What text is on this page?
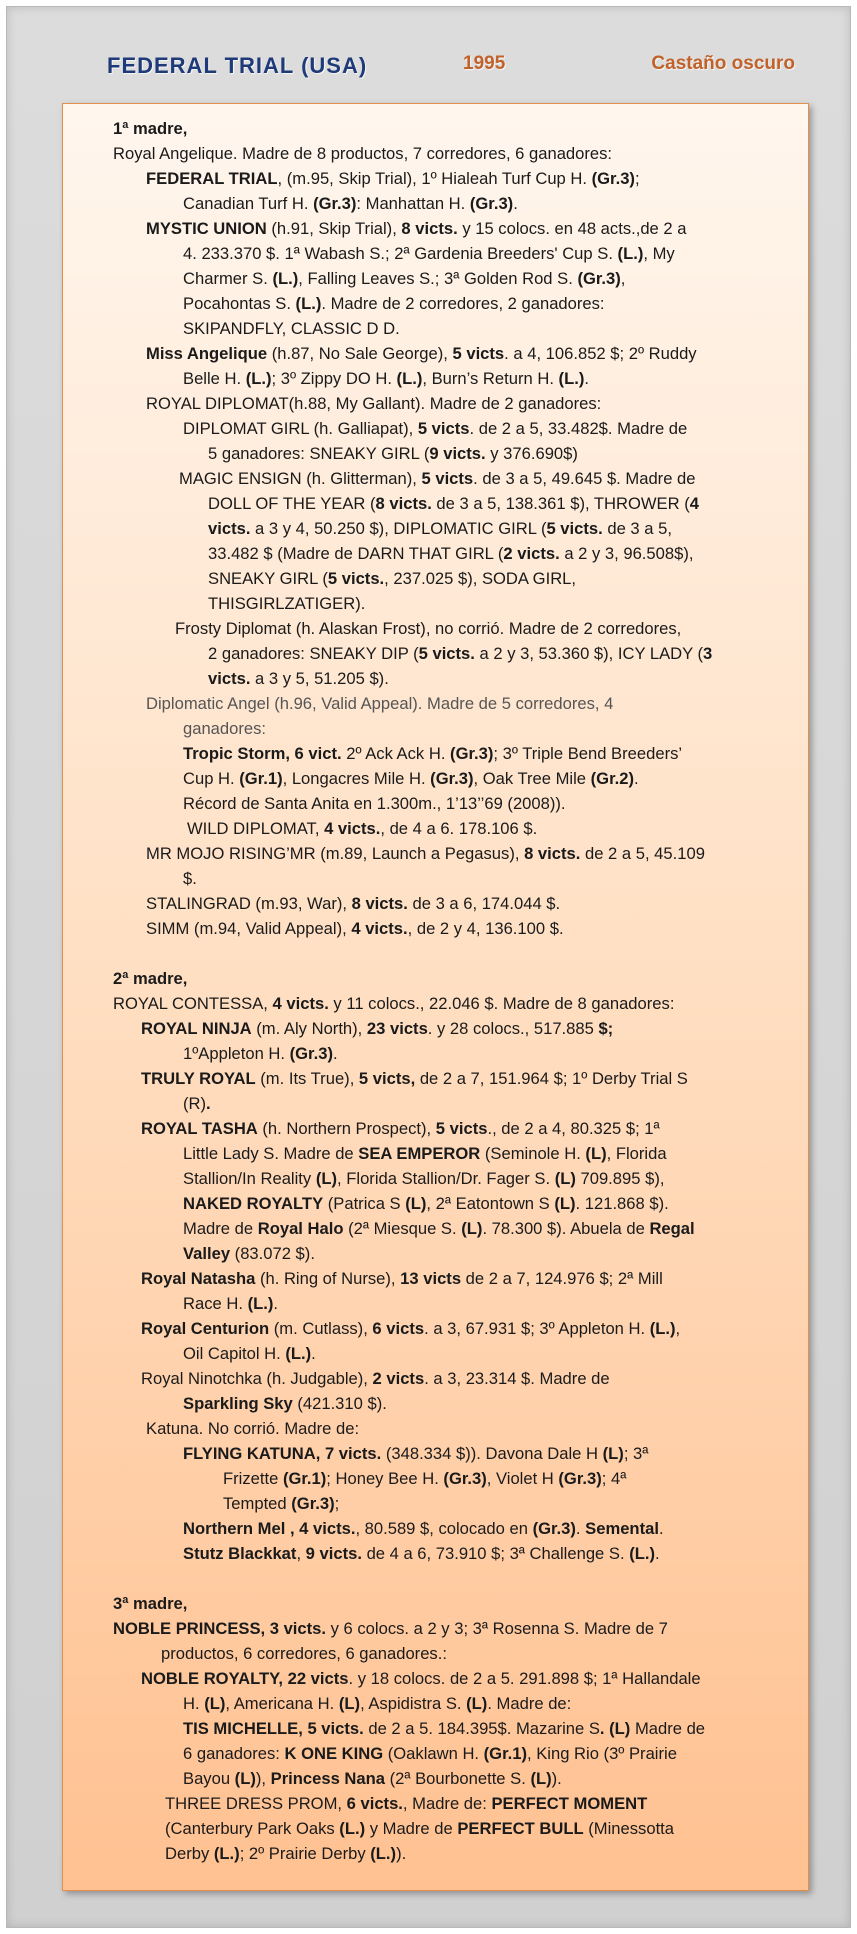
FEDERAL TRIAL (USA)	1995	Castaño oscuro
1ª madre,
Royal Angelique. Madre de 8 productos, 7 corredores, 6 ganadores:
FEDERAL TRIAL, (m.95, Skip Trial), 1º Hialeah Turf Cup H. (Gr.3);
Canadian Turf H. (Gr.3): Manhattan H. (Gr.3).
MYSTIC UNION (h.91, Skip Trial), 8 victs. y 15 colocs. en 48 acts.,de 2 a
4. 233.370 $. 1ª Wabash S.; 2ª Gardenia Breeders' Cup S. (L.), My
Charmer S. (L.), Falling Leaves S.; 3ª Golden Rod S. (Gr.3),
Pocahontas S. (L.). Madre de 2 corredores, 2 ganadores:
SKIPANDFLY, CLASSIC D D.
Miss Angelique (h.87, No Sale George), 5 victs. a 4, 106.852 $; 2º Ruddy
Belle H. (L.); 3º Zippy DO H. (L.), Burn’s Return H. (L.).
ROYAL DIPLOMAT(h.88, My Gallant). Madre de 2 ganadores:
DIPLOMAT GIRL (h. Galliapat), 5 victs. de 2 a 5, 33.482$. Madre de
5 ganadores: SNEAKY GIRL (9 victs. y 376.690$)
MAGIC ENSIGN (h. Glitterman), 5 victs. de 3 a 5, 49.645 $. Madre de
DOLL OF THE YEAR (8 victs. de 3 a 5, 138.361 $), THROWER (4
victs. a 3 y 4, 50.250 $), DIPLOMATIC GIRL (5 victs. de 3 a 5,
33.482 $ (Madre de DARN THAT GIRL (2 victs. a 2 y 3, 96.508$),
SNEAKY GIRL (5 victs., 237.025 $), SODA GIRL,
THISGIRLZATIGER).
Frosty Diplomat (h. Alaskan Frost), no corrió. Madre de 2 corredores,
2 ganadores: SNEAKY DIP (5 victs. a 2 y 3, 53.360 $), ICY LADY (3
victs. a 3 y 5, 51.205 $).
Diplomatic Angel (h.96, Valid Appeal). Madre de 5 corredores, 4
ganadores:
Tropic Storm, 6 vict. 2º Ack Ack H. (Gr.3); 3º Triple Bend Breeders’
Cup H. (Gr.1), Longacres Mile H. (Gr.3), Oak Tree Mile (Gr.2).
Récord de Santa Anita en 1.300m., 1’13’’69 (2008)).
WILD DIPLOMAT, 4 victs., de 4 a 6. 178.106 $.
MR MOJO RISING’MR (m.89, Launch a Pegasus), 8 victs. de 2 a 5, 45.109
$.
STALINGRAD (m.93, War), 8 victs. de 3 a 6, 174.044 $.
SIMM (m.94, Valid Appeal), 4 victs., de 2 y 4, 136.100 $.
2ª madre,
ROYAL CONTESSA, 4 victs. y 11 colocs., 22.046 $. Madre de 8 ganadores:
ROYAL NINJA (m. Aly North), 23 victs. y 28 colocs., 517.885 $;
1ºAppleton H. (Gr.3).
TRULY ROYAL (m. Its True), 5 victs, de 2 a 7, 151.964 $; 1º Derby Trial S
(R).
ROYAL TASHA (h. Northern Prospect), 5 victs., de 2 a 4, 80.325 $; 1ª
Little Lady S. Madre de SEA EMPEROR (Seminole H. (L), Florida
Stallion/In Reality (L), Florida Stallion/Dr. Fager S. (L) 709.895 $),
NAKED ROYALTY (Patrica S (L), 2ª Eatontown S (L). 121.868 $).
Madre de Royal Halo (2ª Miesque S. (L). 78.300 $). Abuela de Regal
Valley (83.072 $).
Royal Natasha (h. Ring of Nurse), 13 victs de 2 a 7, 124.976 $; 2ª Mill
Race H. (L.).
Royal Centurion (m. Cutlass), 6 victs. a 3, 67.931 $; 3º Appleton H. (L.),
Oil Capitol H. (L.).
Royal Ninotchka (h. Judgable), 2 victs. a 3, 23.314 $. Madre de
Sparkling Sky (421.310 $).
Katuna. No corrió. Madre de:
FLYING KATUNA, 7 victs. (348.334 $)). Davona Dale H (L); 3ª
Frizette (Gr.1); Honey Bee H. (Gr.3), Violet H (Gr.3); 4ª
Tempted (Gr.3);
Northern Mel , 4 victs., 80.589 $, colocado en (Gr.3). Semental.
Stutz Blackkat, 9 victs. de 4 a 6, 73.910 $; 3ª Challenge S. (L.).
3ª madre,
NOBLE PRINCESS, 3 victs. y 6 colocs. a 2 y 3; 3ª Rosenna S. Madre de 7
productos, 6 corredores, 6 ganadores.:
NOBLE ROYALTY, 22 victs. y 18 colocs. de 2 a 5. 291.898 $; 1ª Hallandale
H. (L), Americana H. (L), Aspidistra S. (L). Madre de:
TIS MICHELLE, 5 victs. de 2 a 5. 184.395$. Mazarine S. (L) Madre de
6 ganadores: K ONE KING (Oaklawn H. (Gr.1), King Rio (3º Prairie
Bayou (L)), Princess Nana (2ª Bourbonette S. (L)).
THREE DRESS PROM, 6 victs., Madre de: PERFECT MOMENT
(Canterbury Park Oaks (L.) y Madre de PERFECT BULL (Minessotta
Derby (L.); 2º Prairie Derby (L.)).
